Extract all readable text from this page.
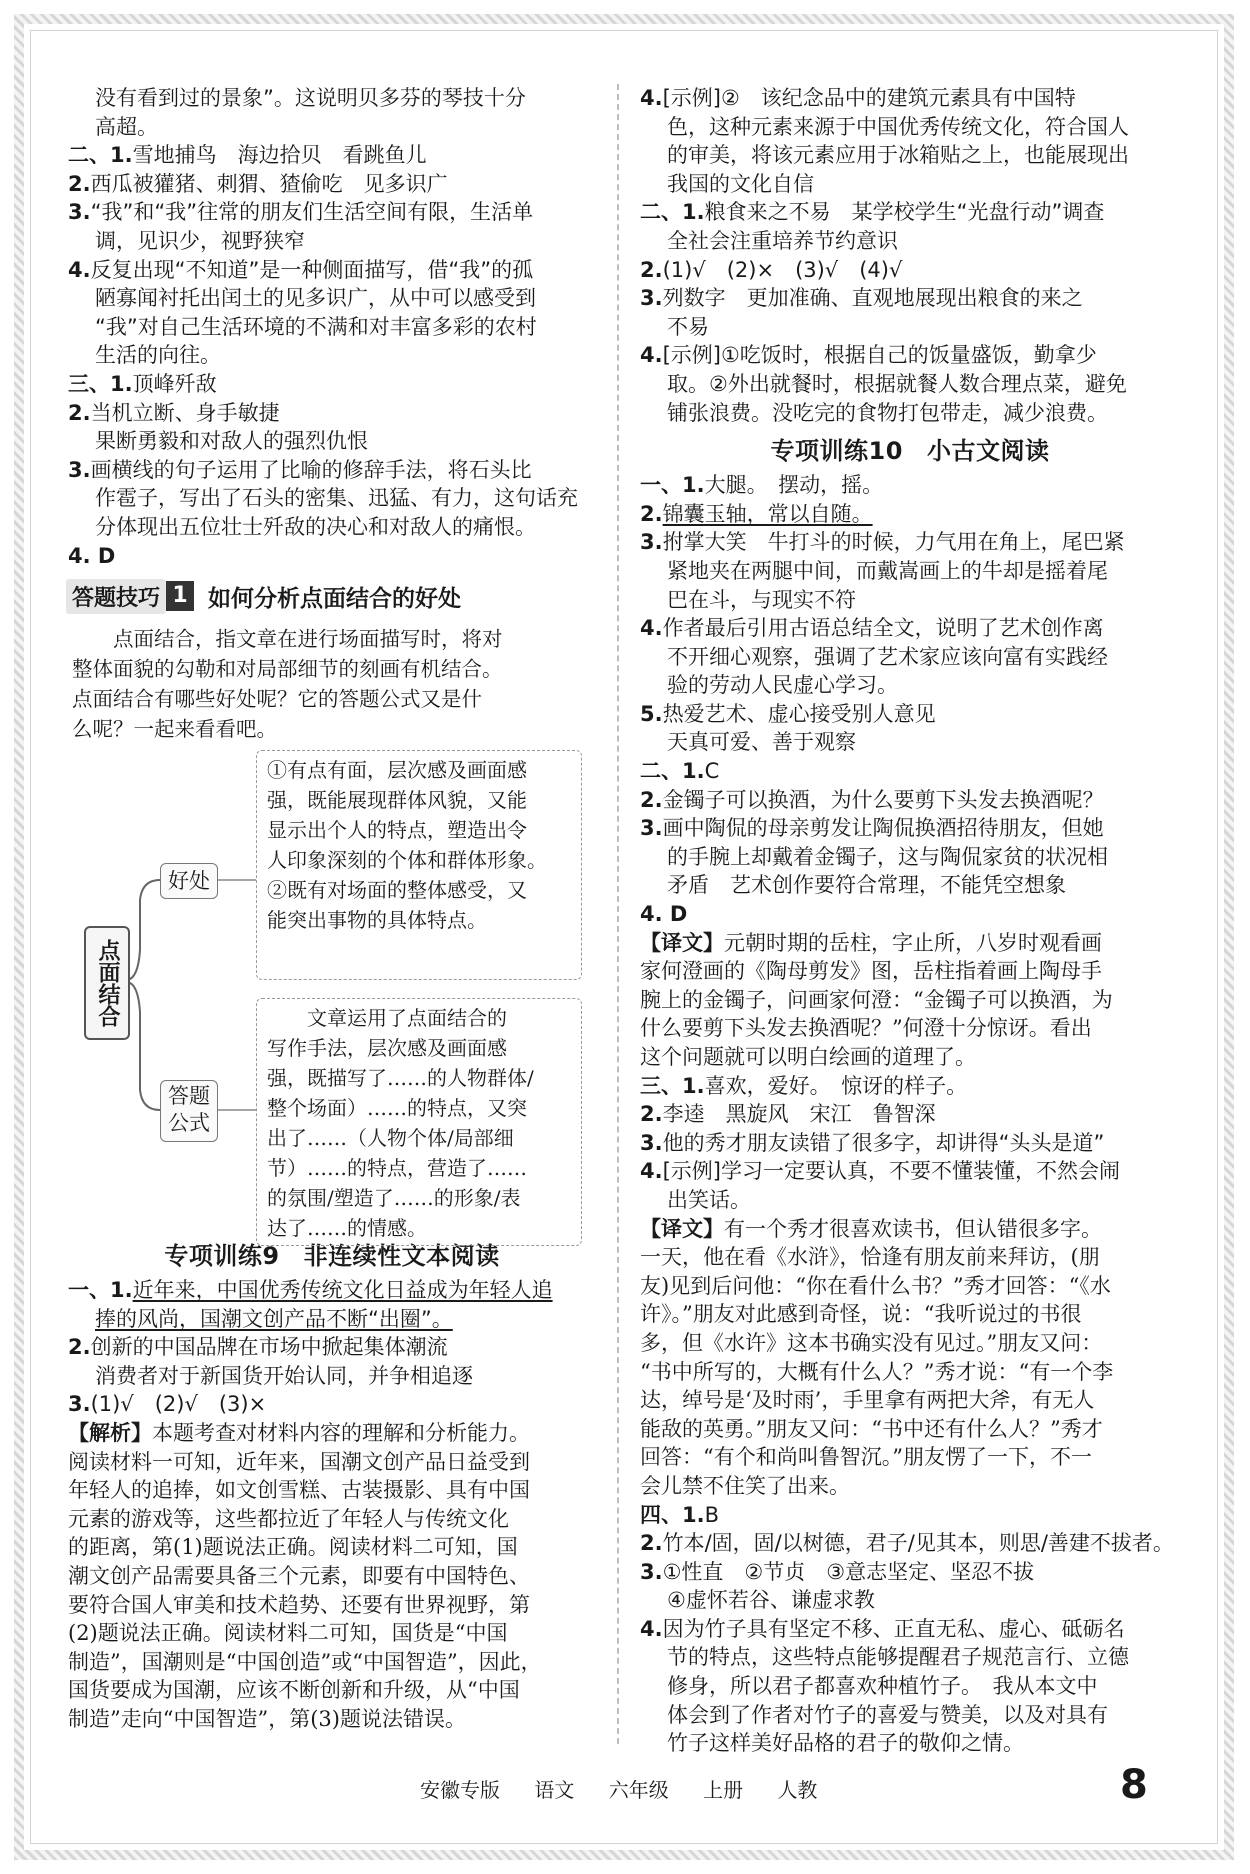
没有看到过的景象”。这说明贝多芬的琴技十分
高超。
二、1.雪地捕鸟　海边拾贝　看跳鱼儿
2.西瓜被獾猪、刺猬、猹偷吃　见多识广
3.“我”和“我”往常的朋友们生活空间有限，生活单
调，见识少，视野狭窄
4.反复出现“不知道”是一种侧面描写，借“我”的孤
陋寡闻衬托出闰土的见多识广，从中可以感受到
“我”对自己生活环境的不满和对丰富多彩的农村
生活的向往。
三、1.顶峰歼敌
2.当机立断、身手敏捷
果断勇毅和对敌人的强烈仇恨
3.画横线的句子运用了比喻的修辞手法，将石头比
作雹子，写出了石头的密集、迅猛、有力，这句话充
分体现出五位壮士歼敌的决心和对敌人的痛恨。
4. D
答题技巧 1 如何分析点面结合的好处
　　点面结合，指文章在进行场面描写时，将对
整体面貌的勾勒和对局部细节的刻画有机结合。
点面结合有哪些好处呢？它的答题公式又是什
么呢？一起来看看吧。
点面结合
好处
答题公式
①有点有面，层次感及画面感
强，既能展现群体风貌，又能
显示出个人的特点，塑造出令
人印象深刻的个体和群体形象。
②既有对场面的整体感受，又
能突出事物的具体特点。
　　文章运用了点面结合的
写作手法，层次感及画面感
强，既描写了……的人物群体/
整个场面）……的特点，又突
出了……（人物个体/局部细
节）……的特点，营造了……
的氛围/塑造了……的形象/表
达了……的情感。
专项训练9 非连续性文本阅读
一、1.近年来，中国优秀传统文化日益成为年轻人追
捧的风尚，国潮文创产品不断“出圈”。
2.创新的中国品牌在市场中掀起集体潮流
消费者对于新国货开始认同，并争相追逐
3.(1)√　(2)√　(3)×
【解析】本题考查对材料内容的理解和分析能力。
阅读材料一可知，近年来，国潮文创产品日益受到
年轻人的追捧，如文创雪糕、古装摄影、具有中国
元素的游戏等，这些都拉近了年轻人与传统文化
的距离，第(1)题说法正确。阅读材料二可知，国
潮文创产品需要具备三个元素，即要有中国特色、
要符合国人审美和技术趋势、还要有世界视野，第
(2)题说法正确。阅读材料二可知，国货是“中国
制造”，国潮则是“中国创造”或“中国智造”，因此，
国货要成为国潮，应该不断创新和升级，从“中国
制造”走向“中国智造”，第(3)题说法错误。
4.[示例]②　该纪念品中的建筑元素具有中国特
色，这种元素来源于中国优秀传统文化，符合国人
的审美，将该元素应用于冰箱贴之上，也能展现出
我国的文化自信
二、1.粮食来之不易　某学校学生“光盘行动”调查
全社会注重培养节约意识
2.(1)√　(2)×　(3)√　(4)√
3.列数字　更加准确、直观地展现出粮食的来之
不易
4.[示例]①吃饭时，根据自己的饭量盛饭，勤拿少
取。②外出就餐时，根据就餐人数合理点菜，避免
铺张浪费。没吃完的食物打包带走，减少浪费。
专项训练10 小古文阅读
一、1.大腿。　摆动，摇。
2.锦囊玉轴，常以自随。
3.拊掌大笑　牛打斗的时候，力气用在角上，尾巴紧
紧地夹在两腿中间，而戴嵩画上的牛却是摇着尾
巴在斗，与现实不符
4.作者最后引用古语总结全文，说明了艺术创作离
不开细心观察，强调了艺术家应该向富有实践经
验的劳动人民虚心学习。
5.热爱艺术、虚心接受别人意见
天真可爱、善于观察
二、1.C
2.金镯子可以换酒，为什么要剪下头发去换酒呢？
3.画中陶侃的母亲剪发让陶侃换酒招待朋友，但她
的手腕上却戴着金镯子，这与陶侃家贫的状况相
矛盾　艺术创作要符合常理，不能凭空想象
4. D
【译文】元朝时期的岳柱，字止所，八岁时观看画
家何澄画的《陶母剪发》图，岳柱指着画上陶母手
腕上的金镯子，问画家何澄：“金镯子可以换酒，为
什么要剪下头发去换酒呢？”何澄十分惊讶。看出
这个问题就可以明白绘画的道理了。
三、1.喜欢，爱好。　惊讶的样子。
2.李逵　黑旋风　宋江　鲁智深
3.他的秀才朋友读错了很多字，却讲得“头头是道”
4.[示例]学习一定要认真，不要不懂装懂，不然会闹
出笑话。
【译文】有一个秀才很喜欢读书，但认错很多字。
一天，他在看《水浒》，恰逢有朋友前来拜访，(朋
友)见到后问他：“你在看什么书？”秀才回答：“《水
许》。”朋友对此感到奇怪，说：“我听说过的书很
多，但《水许》这本书确实没有见过。”朋友又问：
“书中所写的，大概有什么人？”秀才说：“有一个李
达，绰号是‘及时雨’，手里拿有两把大斧，有无人
能敌的英勇。”朋友又问：“书中还有什么人？”秀才
回答：“有个和尚叫鲁智沉。”朋友愣了一下，不一
会儿禁不住笑了出来。
四、1.B
2.竹本/固，固/以树德，君子/见其本，则思/善建不拔者。
3.①性直　②节贞　③意志坚定、坚忍不拔
④虚怀若谷、谦虚求教
4.因为竹子具有坚定不移、正直无私、虚心、砥砺名
节的特点，这些特点能够提醒君子规范言行、立德
修身，所以君子都喜欢种植竹子。　我从本文中
体会到了作者对竹子的喜爱与赞美，以及对具有
竹子这样美好品格的君子的敬仰之情。
安徽专版 语文 六年级 上册 人教	8
